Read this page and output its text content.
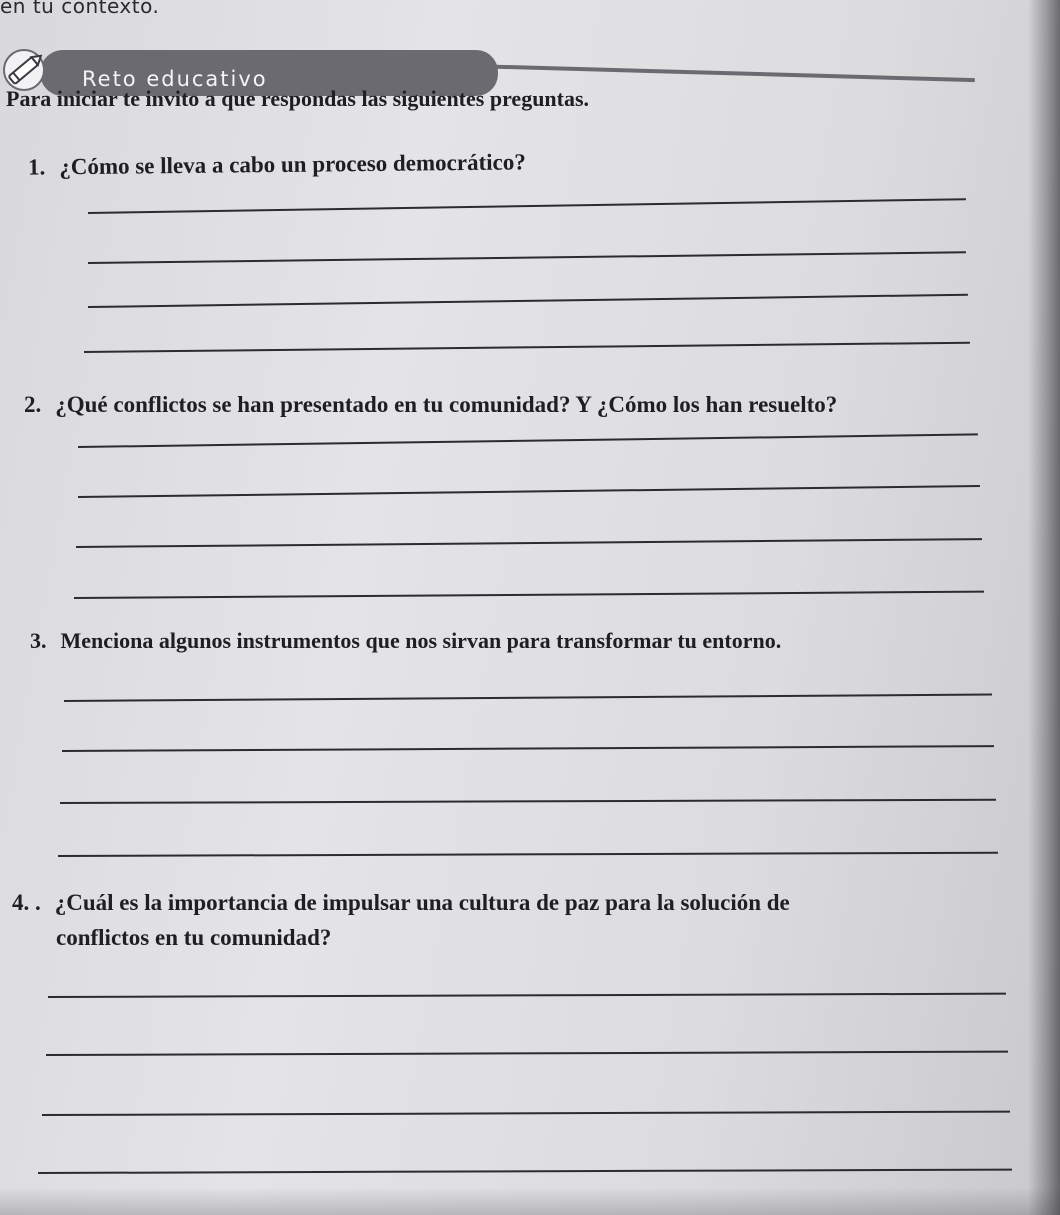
en tu contexto.
Reto educativo
Para iniciar te invito a que respondas las siguientes preguntas.
1. ¿Cómo se lleva a cabo un proceso democrático?
2. ¿Qué conflictos se han presentado en tu comunidad? Y ¿Cómo los han resuelto?
3. Menciona algunos instrumentos que nos sirvan para transformar tu entorno.
4. . ¿Cuál es la importancia de impulsar una cultura de paz para la solución de
conflictos en tu comunidad?
